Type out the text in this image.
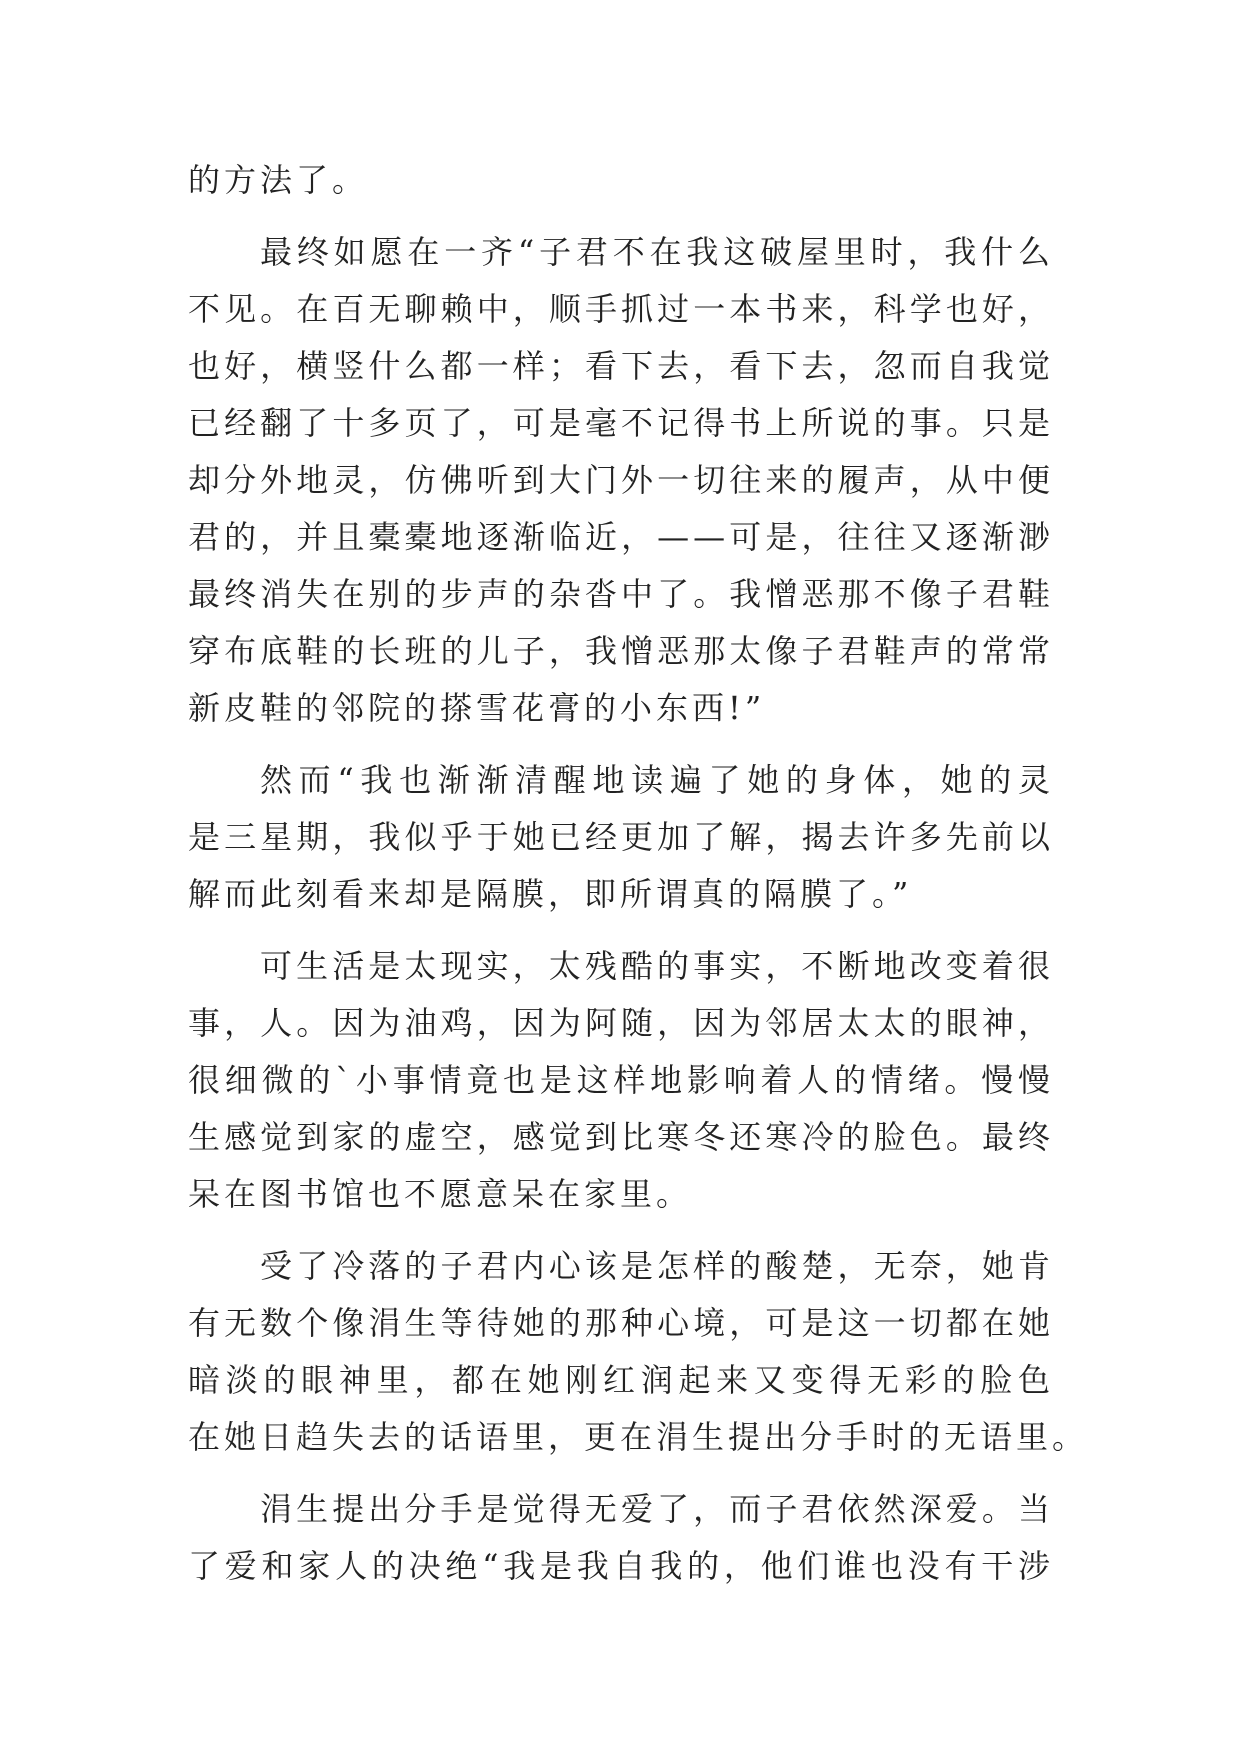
的方法了。
最终如愿在一齐“子君不在我这破屋里时，我什么
不见。在百无聊赖中，顺手抓过一本书来，科学也好，
也好，横竖什么都一样；看下去，看下去，忽而自我觉
已经翻了十多页了，可是毫不记得书上所说的事。只是
却分外地灵，仿佛听到大门外一切往来的履声，从中便
君的，并且橐橐地逐渐临近，——可是，往往又逐渐渺
最终消失在别的步声的杂沓中了。我憎恶那不像子君鞋
穿布底鞋的长班的儿子，我憎恶那太像子君鞋声的常常
新皮鞋的邻院的搽雪花膏的小东西!”
然而“我也渐渐清醒地读遍了她的身体，她的灵
是三星期，我似乎于她已经更加了解，揭去许多先前以
解而此刻看来却是隔膜，即所谓真的隔膜了。”
可生活是太现实，太残酷的事实，不断地改变着很
事，人。因为油鸡，因为阿随，因为邻居太太的眼神，
很细微的`小事情竟也是这样地影响着人的情绪。慢慢
生感觉到家的虚空，感觉到比寒冬还寒冷的脸色。最终
呆在图书馆也不愿意呆在家里。
受了冷落的子君内心该是怎样的酸楚，无奈，她肯
有无数个像涓生等待她的那种心境，可是这一切都在她
暗淡的眼神里，都在她刚红润起来又变得无彩的脸色
在她日趋失去的话语里，更在涓生提出分手时的无语里。
涓生提出分手是觉得无爱了，而子君依然深爱。当
了爱和家人的决绝“我是我自我的，他们谁也没有干涉
